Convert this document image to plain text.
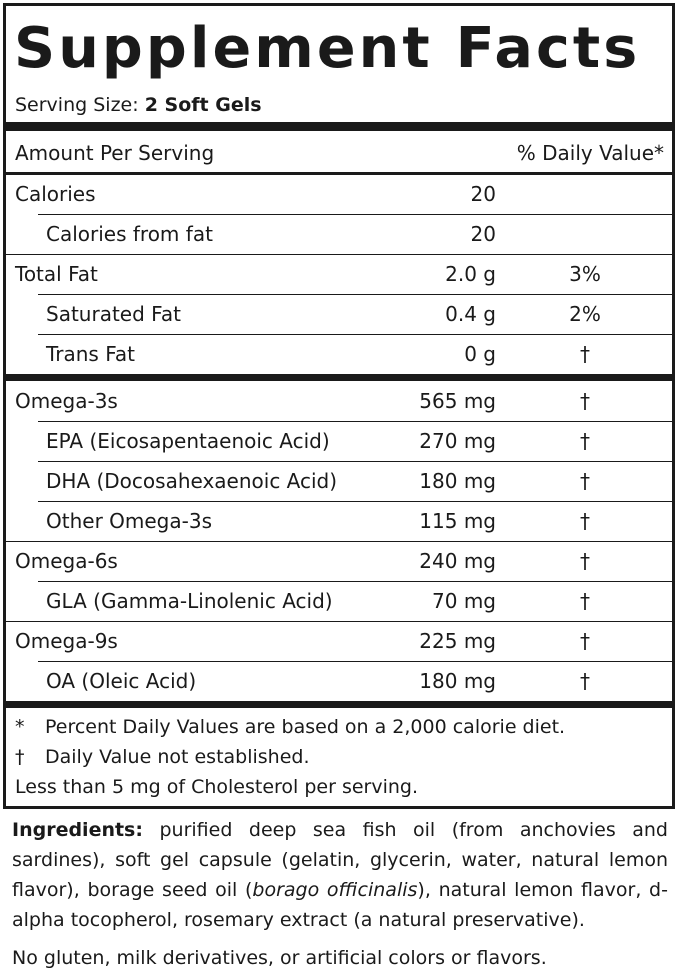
Supplement Facts
Serving Size: 2 Soft Gels
Amount Per Serving	% Daily Value*
Calories	20
Calories from fat	20
Total Fat	2.0 g	3%
Saturated Fat	0.4 g	2%
Trans Fat	0 g	†
Omega-3s	565 mg	†
EPA (Eicosapentaenoic Acid)	270 mg	†
DHA (Docosahexaenoic Acid)	180 mg	†
Other Omega-3s	115 mg	†
Omega-6s	240 mg	†
GLA (Gamma-Linolenic Acid)	70 mg	†
Omega-9s	225 mg	†
OA (Oleic Acid)	180 mg	†
* Percent Daily Values are based on a 2,000 calorie diet.
† Daily Value not established.
Less than 5 mg of Cholesterol per serving.
Ingredients: purified deep sea fish oil (from anchovies and sardines), soft gel capsule (gelatin, glycerin, water, natural lemon flavor), borage seed oil (borago officinalis), natural lemon flavor, d-alpha tocopherol, rosemary extract (a natural preservative).
No gluten, milk derivatives, or artificial colors or flavors.
